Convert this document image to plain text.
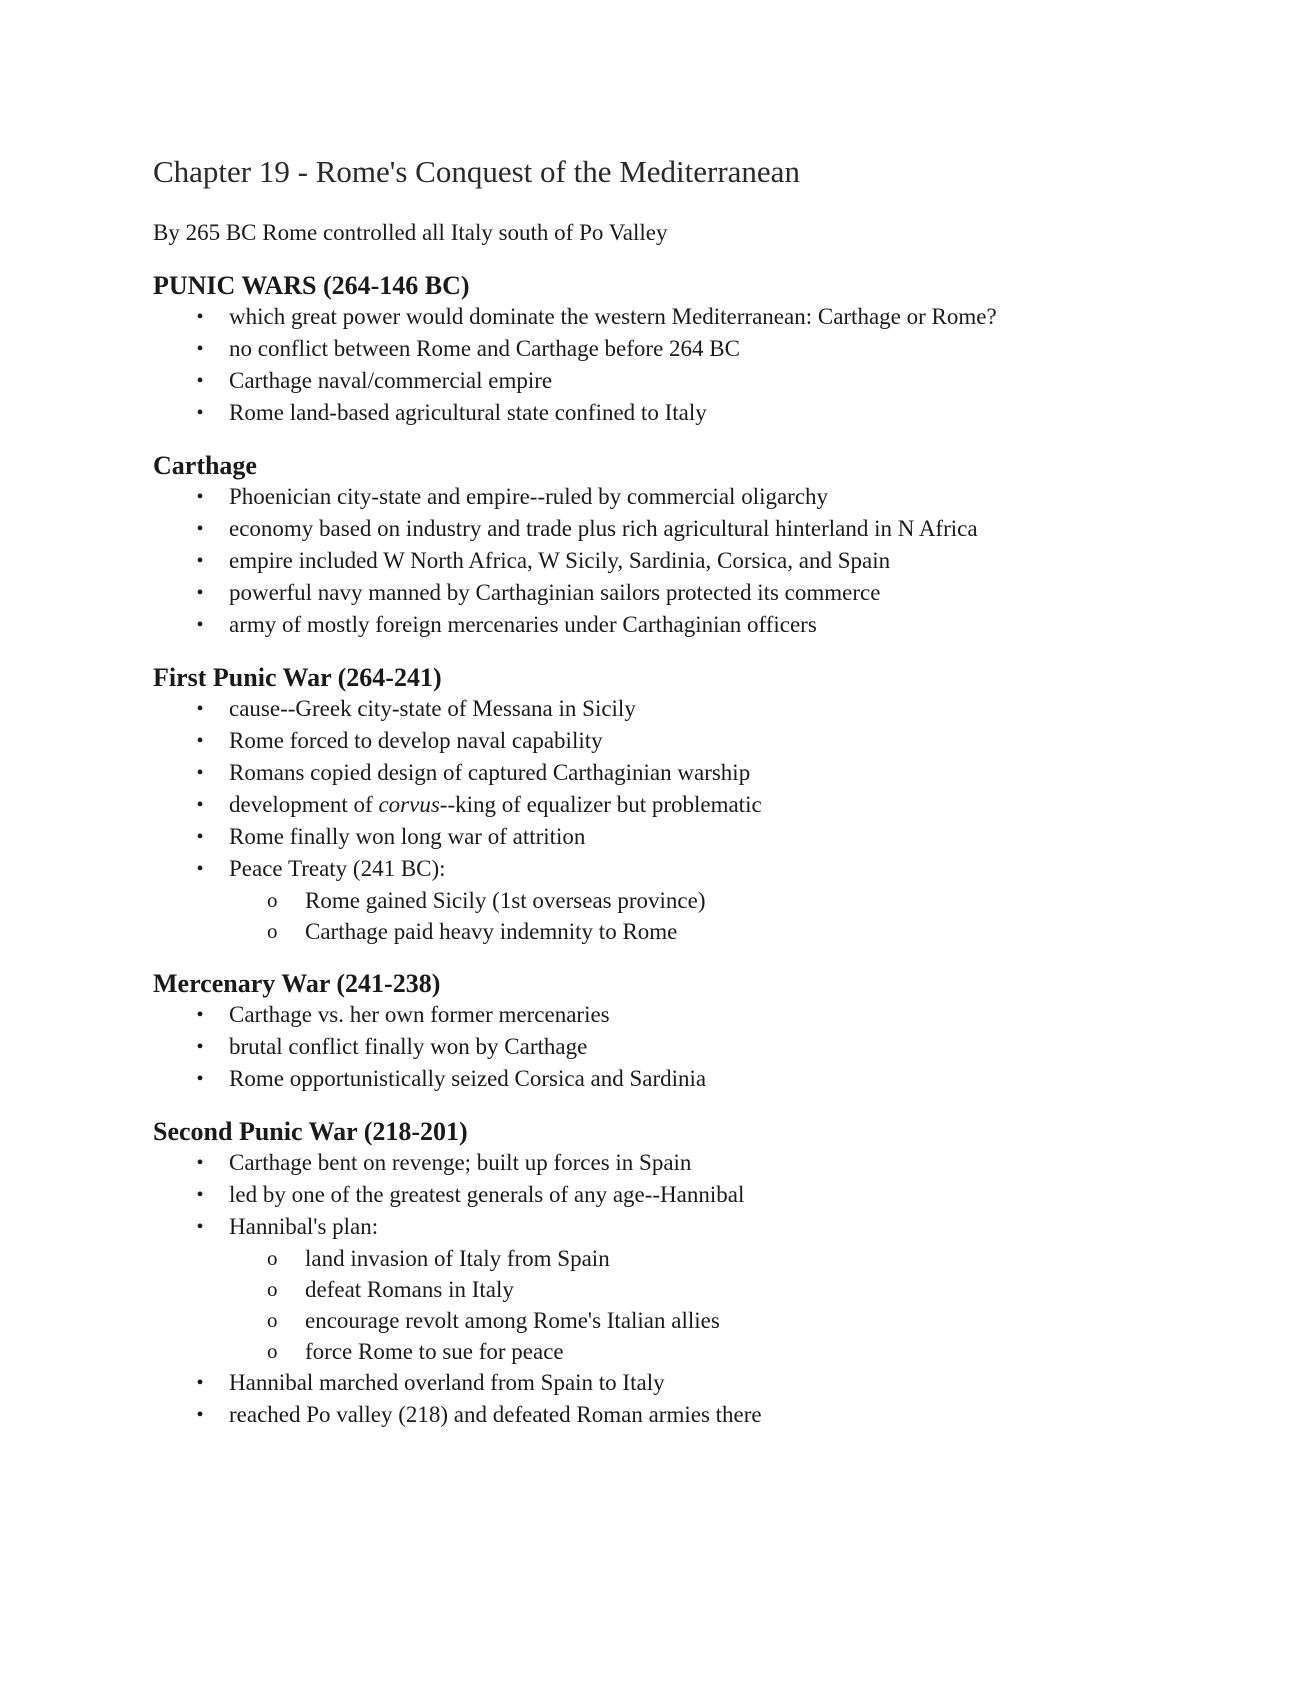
Chapter 19 - Rome's Conquest of the Mediterranean

By 265 BC Rome controlled all Italy south of Po Valley

PUNIC WARS (264-146 BC)
• which great power would dominate the western Mediterranean: Carthage or Rome?
• no conflict between Rome and Carthage before 264 BC
• Carthage naval/commercial empire
• Rome land-based agricultural state confined to Italy
Carthage
• Phoenician city-state and empire--ruled by commercial oligarchy
• economy based on industry and trade plus rich agricultural hinterland in N Africa
• empire included W North Africa, W Sicily, Sardinia, Corsica, and Spain
• powerful navy manned by Carthaginian sailors protected its commerce
• army of mostly foreign mercenaries under Carthaginian officers
First Punic War (264-241)
• cause--Greek city-state of Messana in Sicily
• Rome forced to develop naval capability
• Romans copied design of captured Carthaginian warship
• development of corvus--king of equalizer but problematic
• Rome finally won long war of attrition
•	Peace Treaty (241 BC):
o Rome gained Sicily (1st overseas province)
o Carthage paid heavy indemnity to Rome
Mercenary War (241-238)
• Carthage vs. her own former mercenaries
• brutal conflict finally won by Carthage
• Rome opportunistically seized Corsica and Sardinia
Second Punic War (218-201)
• Carthage bent on revenge; built up forces in Spain
• led by one of the greatest generals of any age--Hannibal
•	Hannibal's plan:
o land invasion of Italy from Spain
o defeat Romans in Italy
o encourage revolt among Rome's Italian allies
o force Rome to sue for peace
• Hannibal marched overland from Spain to Italy
• reached Po valley (218) and defeated Roman armies there
